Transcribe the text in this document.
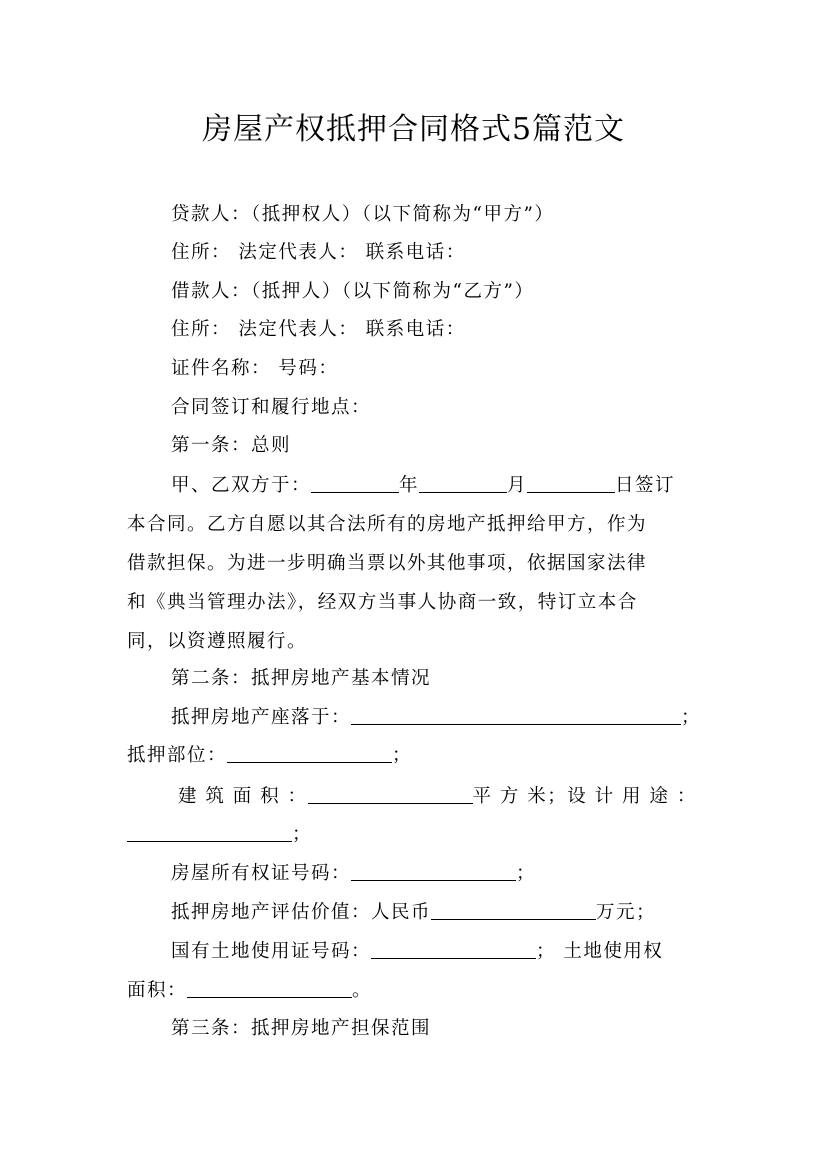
房屋产权抵押合同格式5篇范文
贷款人：（抵押权人）（以下简称为“甲方”）
住所： 法定代表人： 联系电话：
借款人：（抵押人）（以下简称为“乙方”）
住所： 法定代表人： 联系电话：
证件名称： 号码：
合同签订和履行地点：
第一条：总则
甲、乙双方于：	年	月	日签订
本合同。乙方自愿以其合法所有的房地产抵押给甲方，作为
借款担保。为进一步明确当票以外其他事项，依据国家法律
和《典当管理办法》，经双方当事人协商一致，特订立本合
同，以资遵照履行。
第二条：抵押房地产基本情况
抵押房地产座落于：	；
抵押部位：	；
建 筑 面 积 ：	平 方 米；设 计 用 途 ：
；
房屋所有权证号码：	；
抵押房地产评估价值：人民币	万元；
国有土地使用证号码：	； 土地使用权
面积：	。
第三条：抵押房地产担保范围
